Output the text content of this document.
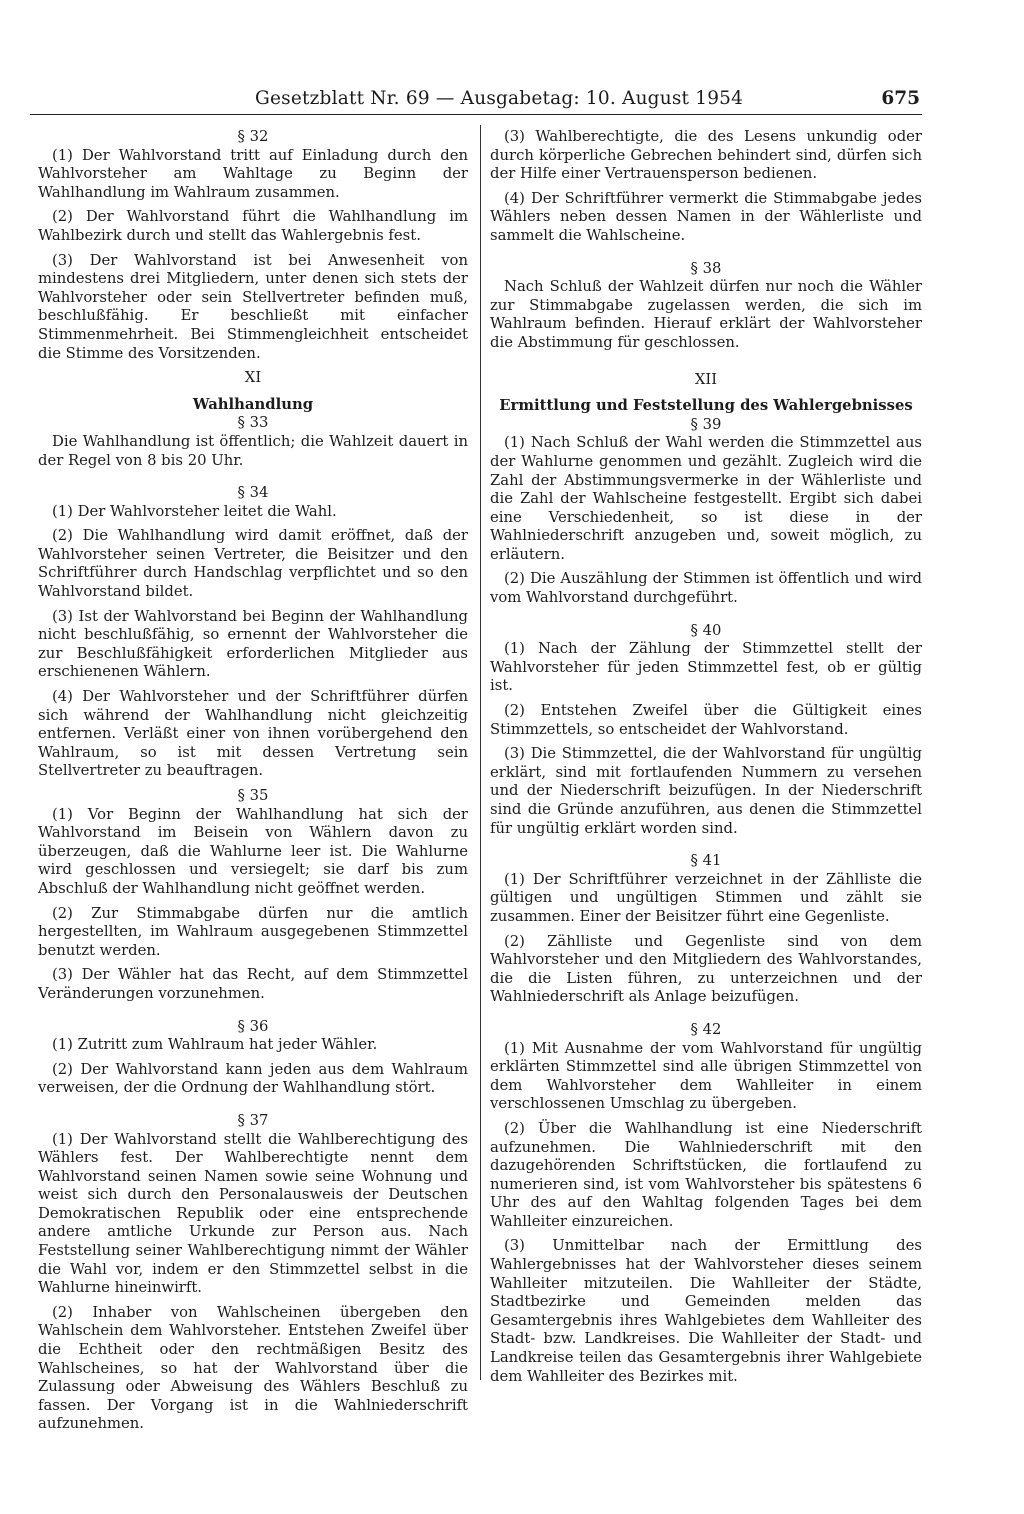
Gesetzblatt Nr. 69 — Ausgabetag: 10. August 1954	675

§ 32

(1) Der Wahlvorstand tritt auf Einladung durch den Wahlvorsteher am Wahltage zu Beginn der Wahlhandlung im Wahlraum zusammen.

(2) Der Wahlvorstand führt die Wahlhandlung im Wahlbezirk durch und stellt das Wahlergebnis fest.

(3) Der Wahlvorstand ist bei Anwesenheit von mindestens drei Mitgliedern, unter denen sich stets der Wahlvorsteher oder sein Stellvertreter befinden muß, beschlußfähig. Er beschließt mit einfacher Stimmenmehrheit. Bei Stimmengleichheit entscheidet die Stimme des Vorsitzenden.

XI

Wahlhandlung

§ 33

Die Wahlhandlung ist öffentlich; die Wahlzeit dauert in der Regel von 8 bis 20 Uhr.

§ 34

(1) Der Wahlvorsteher leitet die Wahl.

(2) Die Wahlhandlung wird damit eröffnet, daß der Wahlvorsteher seinen Vertreter, die Beisitzer und den Schriftführer durch Handschlag verpflichtet und so den Wahlvorstand bildet.

(3) Ist der Wahlvorstand bei Beginn der Wahlhandlung nicht beschlußfähig, so ernennt der Wahlvorsteher die zur Beschlußfähigkeit erforderlichen Mitglieder aus erschienenen Wählern.

(4) Der Wahlvorsteher und der Schriftführer dürfen sich während der Wahlhandlung nicht gleichzeitig entfernen. Verläßt einer von ihnen vorübergehend den Wahlraum, so ist mit dessen Vertretung sein Stellvertreter zu beauftragen.

§ 35

(1) Vor Beginn der Wahlhandlung hat sich der Wahlvorstand im Beisein von Wählern davon zu überzeugen, daß die Wahlurne leer ist. Die Wahlurne wird geschlossen und versiegelt; sie darf bis zum Abschluß der Wahlhandlung nicht geöffnet werden.

(2) Zur Stimmabgabe dürfen nur die amtlich hergestellten, im Wahlraum ausgegebenen Stimmzettel benutzt werden.

(3) Der Wähler hat das Recht, auf dem Stimmzettel Veränderungen vorzunehmen.

§ 36

(1) Zutritt zum Wahlraum hat jeder Wähler.

(2) Der Wahlvorstand kann jeden aus dem Wahlraum verweisen, der die Ordnung der Wahlhandlung stört.

§ 37

(1) Der Wahlvorstand stellt die Wahlberechtigung des Wählers fest. Der Wahlberechtigte nennt dem Wahlvorstand seinen Namen sowie seine Wohnung und weist sich durch den Personalausweis der Deutschen Demokratischen Republik oder eine entsprechende andere amtliche Urkunde zur Person aus. Nach Feststellung seiner Wahlberechtigung nimmt der Wähler die Wahl vor, indem er den Stimmzettel selbst in die Wahlurne hineinwirft.

(2) Inhaber von Wahlscheinen übergeben den Wahlschein dem Wahlvorsteher. Entstehen Zweifel über die Echtheit oder den rechtmäßigen Besitz des Wahlscheines, so hat der Wahlvorstand über die Zulassung oder Abweisung des Wählers Beschluß zu fassen. Der Vorgang ist in die Wahlniederschrift aufzunehmen.

(3) Wahlberechtigte, die des Lesens unkundig oder durch körperliche Gebrechen behindert sind, dürfen sich der Hilfe einer Vertrauensperson bedienen.

(4) Der Schriftführer vermerkt die Stimmabgabe jedes Wählers neben dessen Namen in der Wählerliste und sammelt die Wahlscheine.

§ 38

Nach Schluß der Wahlzeit dürfen nur noch die Wähler zur Stimmabgabe zugelassen werden, die sich im Wahlraum befinden. Hierauf erklärt der Wahlvorsteher die Abstimmung für geschlossen.

XII

Ermittlung und Feststellung des Wahlergebnisses

§ 39

(1) Nach Schluß der Wahl werden die Stimmzettel aus der Wahlurne genommen und gezählt. Zugleich wird die Zahl der Abstimmungsvermerke in der Wählerliste und die Zahl der Wahlscheine festgestellt. Ergibt sich dabei eine Verschiedenheit, so ist diese in der Wahlniederschrift anzugeben und, soweit möglich, zu erläutern.

(2) Die Auszählung der Stimmen ist öffentlich und wird vom Wahlvorstand durchgeführt.

§ 40

(1) Nach der Zählung der Stimmzettel stellt der Wahlvorsteher für jeden Stimmzettel fest, ob er gültig ist.

(2) Entstehen Zweifel über die Gültigkeit eines Stimmzettels, so entscheidet der Wahlvorstand.

(3) Die Stimmzettel, die der Wahlvorstand für ungültig erklärt, sind mit fortlaufenden Nummern zu versehen und der Niederschrift beizufügen. In der Niederschrift sind die Gründe anzuführen, aus denen die Stimmzettel für ungültig erklärt worden sind.

§ 41

(1) Der Schriftführer verzeichnet in der Zählliste die gültigen und ungültigen Stimmen und zählt sie zusammen. Einer der Beisitzer führt eine Gegenliste.

(2) Zählliste und Gegenliste sind von dem Wahlvorsteher und den Mitgliedern des Wahlvorstandes, die die Listen führen, zu unterzeichnen und der Wahlniederschrift als Anlage beizufügen.

§ 42

(1) Mit Ausnahme der vom Wahlvorstand für ungültig erklärten Stimmzettel sind alle übrigen Stimmzettel von dem Wahlvorsteher dem Wahlleiter in einem verschlossenen Umschlag zu übergeben.

(2) Über die Wahlhandlung ist eine Niederschrift aufzunehmen. Die Wahlniederschrift mit den dazugehörenden Schriftstücken, die fortlaufend zu numerieren sind, ist vom Wahlvorsteher bis spätestens 6 Uhr des auf den Wahltag folgenden Tages bei dem Wahlleiter einzureichen.

(3) Unmittelbar nach der Ermittlung des Wahlergebnisses hat der Wahlvorsteher dieses seinem Wahlleiter mitzuteilen. Die Wahlleiter der Städte, Stadtbezirke und Gemeinden melden das Gesamtergebnis ihres Wahlgebietes dem Wahlleiter des Stadt- bzw. Landkreises. Die Wahlleiter der Stadt- und Landkreise teilen das Gesamtergebnis ihrer Wahlgebiete dem Wahlleiter des Bezirkes mit.
